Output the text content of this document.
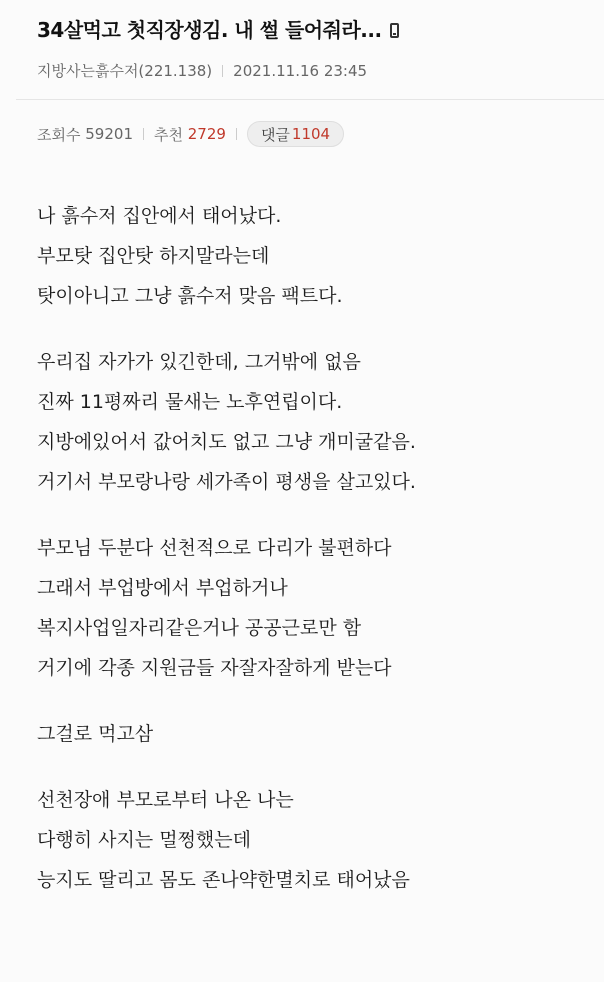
34살먹고 첫직장생김. 내 썰 들어줘라...
지방사는흙수저(221.138) 2021.11.16 23:45
조회수
59201 추천
2729 댓글 1104
나 흙수저 집안에서 태어났다.
부모탓 집안탓 하지말라는데
탓이아니고 그냥 흙수저 맞음 팩트다.
우리집 자가가 있긴한데, 그거밖에 없음
진짜 11평짜리 물새는 노후연립이다.
지방에있어서 값어치도 없고 그냥 개미굴같음.
거기서 부모랑나랑 세가족이 평생을 살고있다.
부모님 두분다 선천적으로 다리가 불편하다
그래서 부업방에서 부업하거나
복지사업일자리같은거나 공공근로만 함
거기에 각종 지원금들 자잘자잘하게 받는다
그걸로 먹고삼
선천장애 부모로부터 나온 나는
다행히 사지는 멀쩡했는데
능지도 딸리고 몸도 존나약한멸치로 태어났음
